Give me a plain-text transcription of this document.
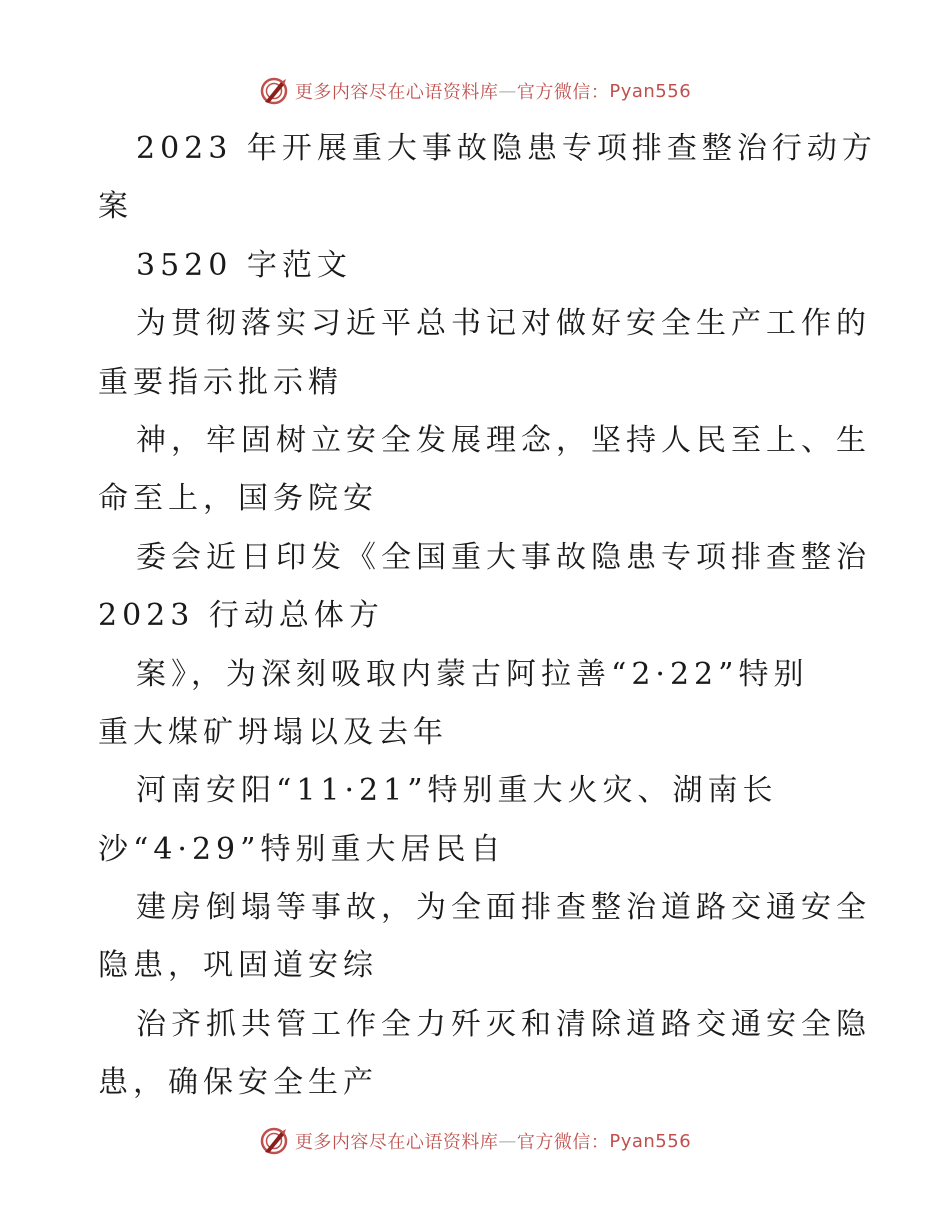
更多内容尽在心语资料库 — 官方微信： Pyan556
2023 年开展重大事故隐患专项排查整治行动方
案
3520 字范文
为贯彻落实习近平总书记对做好安全生产工作的
重要指示批示精
神，牢固树立安全发展理念，坚持人民至上、生
命至上，国务院安
委会近日印发《全国重大事故隐患专项排查整治
2023 行动总体方
案》，为深刻吸取内蒙古阿拉善“2·22”特别
重大煤矿坍塌以及去年
河南安阳“11·21”特别重大火灾、湖南长
沙“4·29”特别重大居民自
建房倒塌等事故，为全面排查整治道路交通安全
隐患，巩固道安综
治齐抓共管工作全力歼灭和清除道路交通安全隐
患，确保安全生产
更多内容尽在心语资料库 — 官方微信： Pyan556
